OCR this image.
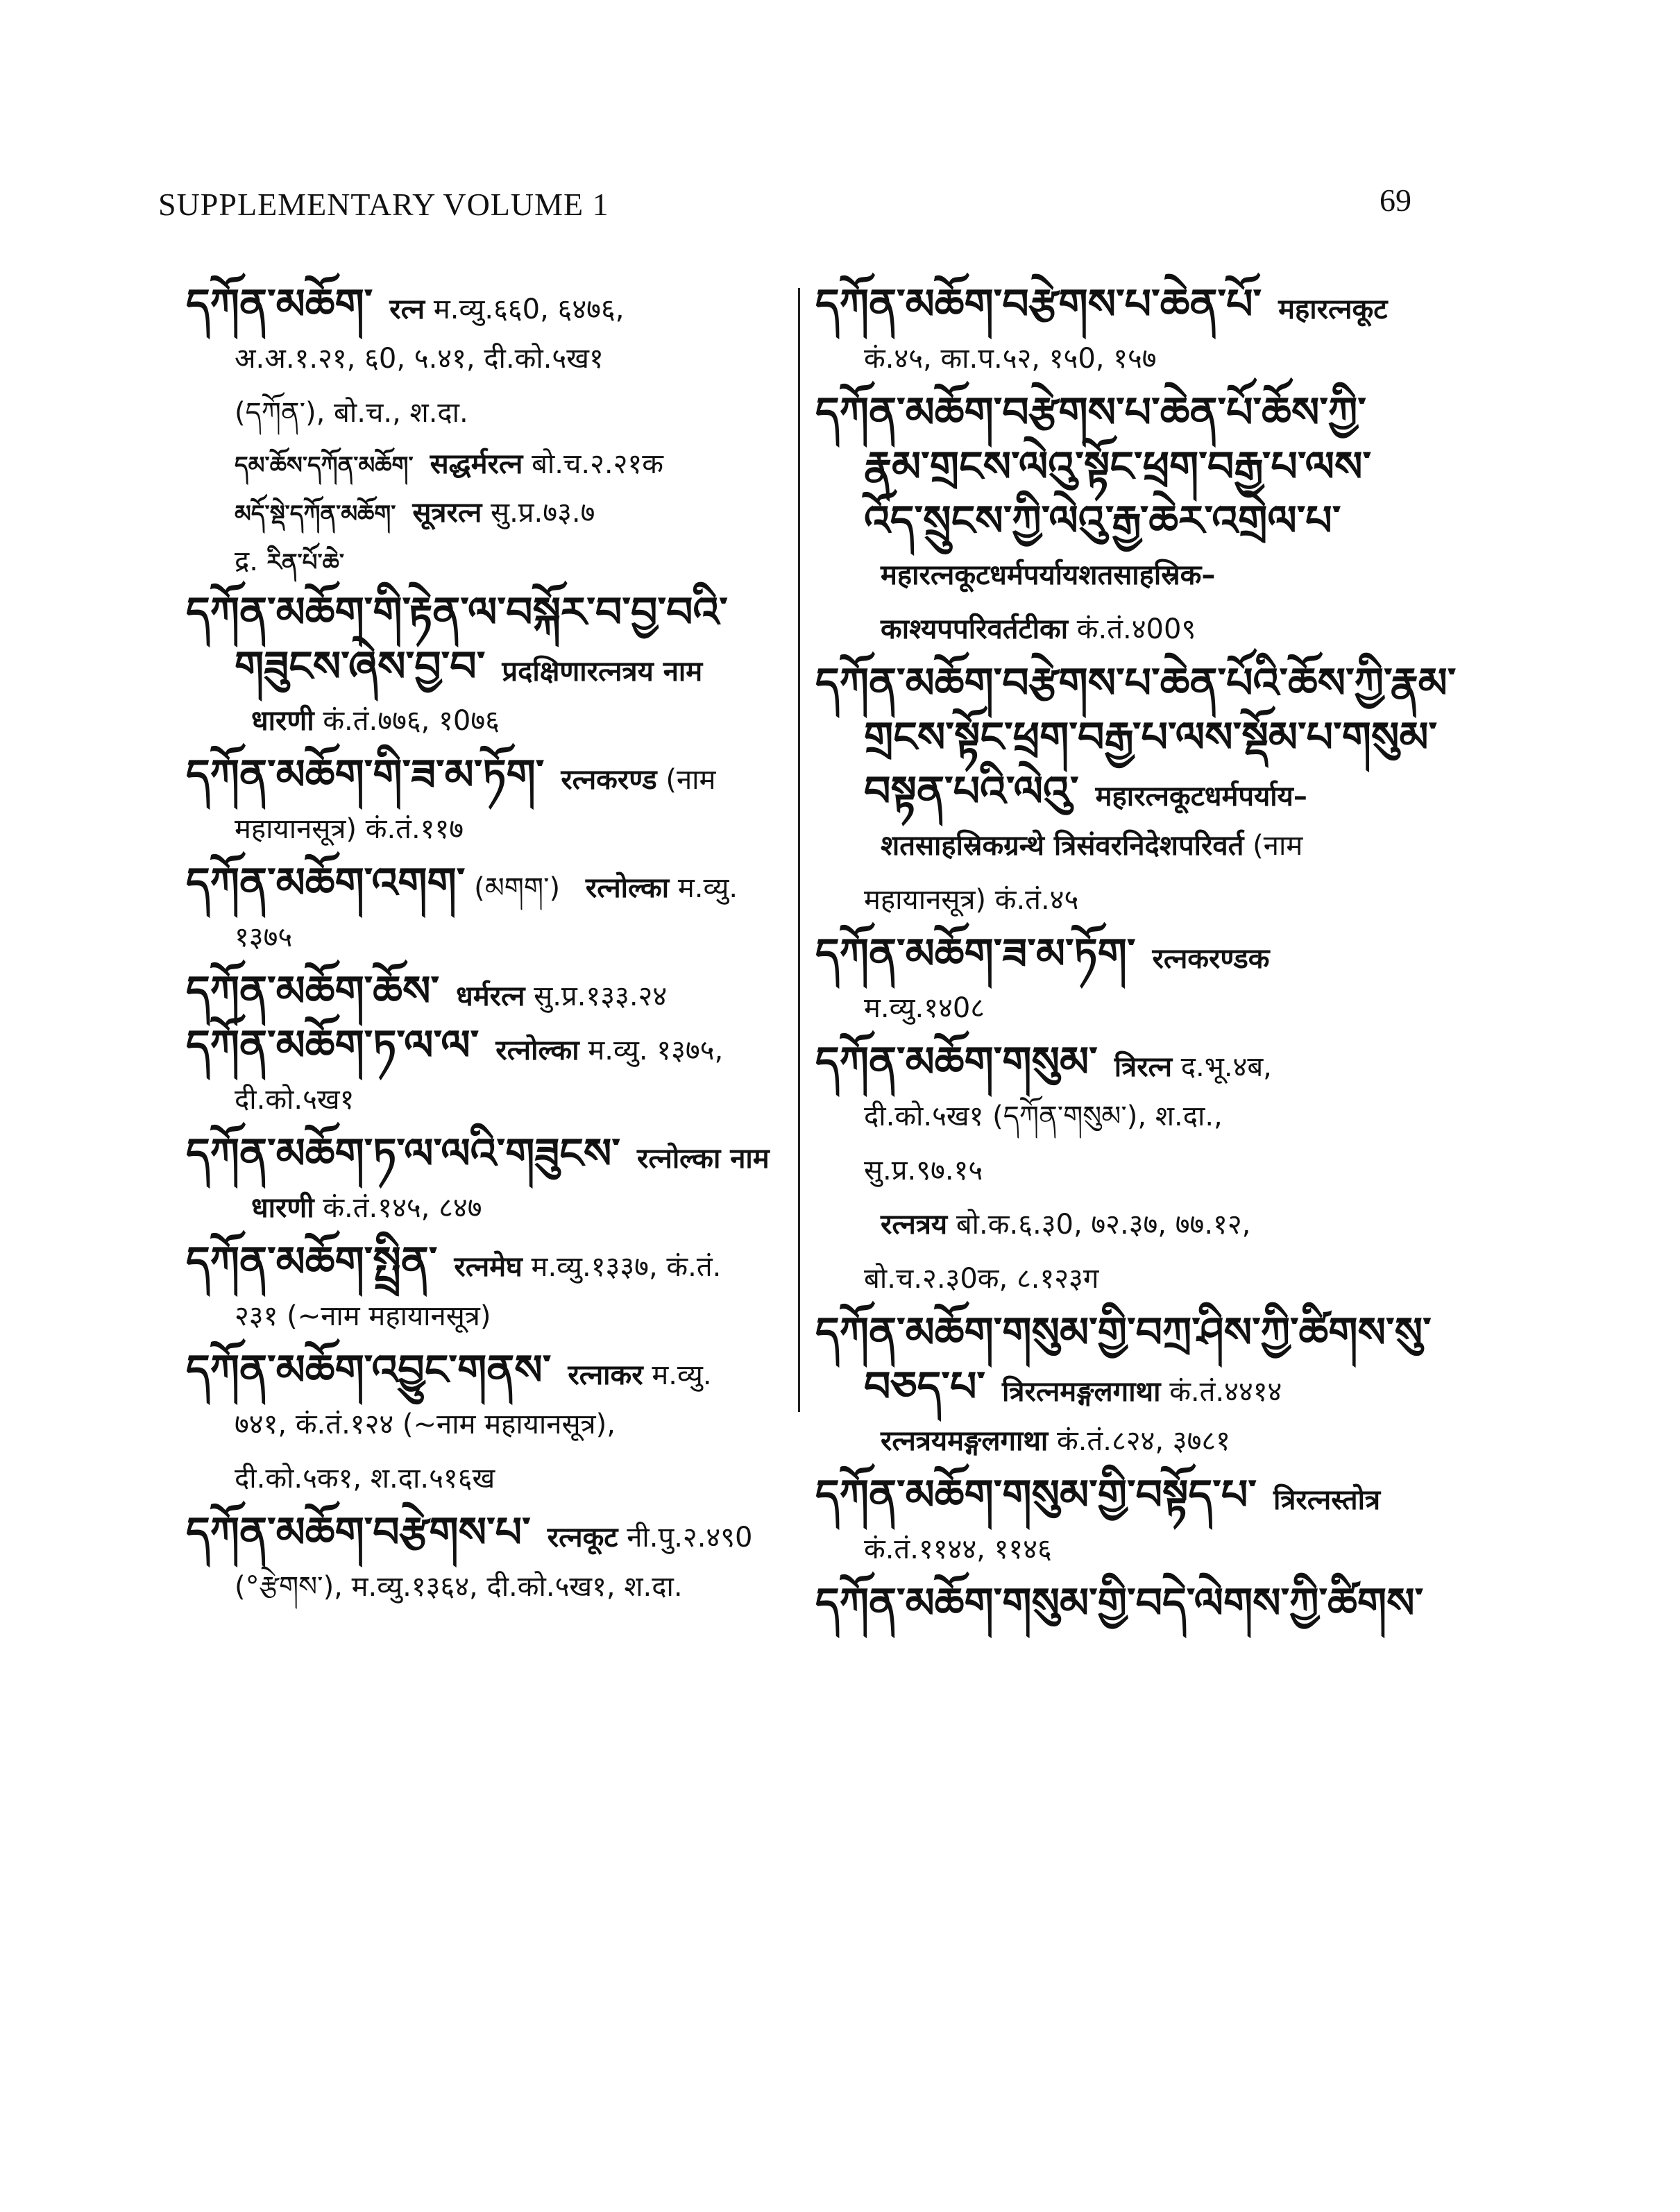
SUPPLEMENTARY VOLUME 1	69
དཀོན་མཆོག་ रत्न म.व्यु.६६0, ६४७६,
अ.अ.१.२१, ६0, ५.४१, दी.को.५ख१
(དཀོན་), बो.च., श.दा.
དམ་ཆོས་དཀོན་མཆོག་ सद्धर्मरत्न बो.च.२.२१क
མདོ་སྡེ་དཀོན་མཆོག་ सूत्ररत्न सु.प्र.७३.७
द्र. རིན་པོ་ཆེ་
དཀོན་མཆོག་གི་རྟེན་ལ་བསྐོར་བ་བྱ་བའི་
གཟུངས་ཞེས་བྱ་བ་ प्रदक्षिणारत्नत्रय नाम
धारणी कं.तं.७७६, १0७६
དཀོན་མཆོག་གི་ཟ་མ་ཏོག་ रत्नकरण्ड (नाम
महायानसूत्र) कं.तं.११७
དཀོན་མཆོག་འགག་ (མགག་) रत्नोल्का म.व्यु.
१३७५
དཀོན་མཆོག་ཆོས་ धर्मरत्न सु.प्र.१३३.२४
དཀོན་མཆོག་ཏ་ལ་ལ་ रत्नोल्का म.व्यु. १३७५,
दी.को.५ख१
དཀོན་མཆོག་ཏ་ལ་ལའི་གཟུངས་ रत्नोल्का नाम
धारणी कं.तं.१४५, ८४७
དཀོན་མཆོག་སྤྲིན་ रत्नमेघ म.व्यु.१३३७, कं.तं.
२३१ (~नाम महायानसूत्र)
དཀོན་མཆོག་འབྱུང་གནས་ रत्नाकर म.व्यु.
७४१, कं.तं.१२४ (~नाम महायानसूत्र),
दी.को.५क१, श.दा.५१६ख
དཀོན་མཆོག་བརྩེགས་པ་ रत्नकूट नी.पु.२.४९0
(°རྩེགས་), म.व्यु.१३६४, दी.को.५ख१, श.दा.
དཀོན་མཆོག་བརྩེགས་པ་ཆེན་པོ་ महारत्नकूट
कं.४५, का.प.५२, १५0, १५७
དཀོན་མཆོག་བརྩེགས་པ་ཆེན་པོ་ཆོས་ཀྱི་
རྣམ་གྲངས་ལེའུ་སྟོང་ཕྲག་བརྒྱ་པ་ལས་
འོད་སྲུངས་ཀྱི་ལེའུ་རྒྱ་ཆེར་འགྲེལ་པ་
महारत्नकूटधर्मपर्यायशतसाहस्रिक–
काश्यपपरिवर्तटीका कं.तं.४00९
དཀོན་མཆོག་བརྩེགས་པ་ཆེན་པོའི་ཆོས་ཀྱི་རྣམ་
གྲངས་སྟོང་ཕྲག་བརྒྱ་པ་ལས་སྡོམ་པ་གསུམ་
བསྟན་པའི་ལེའུ་ महारत्नकूटधर्मपर्याय–
शतसाहस्रिकग्रन्थे त्रिसंवरनिदेशपरिवर्त (नाम
महायानसूत्र) कं.तं.४५
དཀོན་མཆོག་ཟ་མ་ཏོག་ रत्नकरण्डक
म.व्यु.१४0८
དཀོན་མཆོག་གསུམ་ त्रिरत्न द.भू.४ब,
दी.को.५ख१ (དཀོན་གསུམ་), श.दा.,
सु.प्र.९७.१५
रत्नत्रय बो.क.६.३0, ७२.३७, ७७.१२,
बो.च.२.३0क, ८.१२३ग
དཀོན་མཆོག་གསུམ་གྱི་བཀྲ་ཤིས་ཀྱི་ཚིགས་སུ་
བཅད་པ་ त्रिरत्नमङ्गलगाथा कं.तं.४४१४
रत्नत्रयमङ्गलगाथा कं.तं.८२४, ३७८१
དཀོན་མཆོག་གསུམ་གྱི་བསྟོད་པ་ त्रिरत्नस्तोत्र
कं.तं.११४४, ११४६
དཀོན་མཆོག་གསུམ་གྱི་བདེ་ལེགས་ཀྱི་ཚིགས་
